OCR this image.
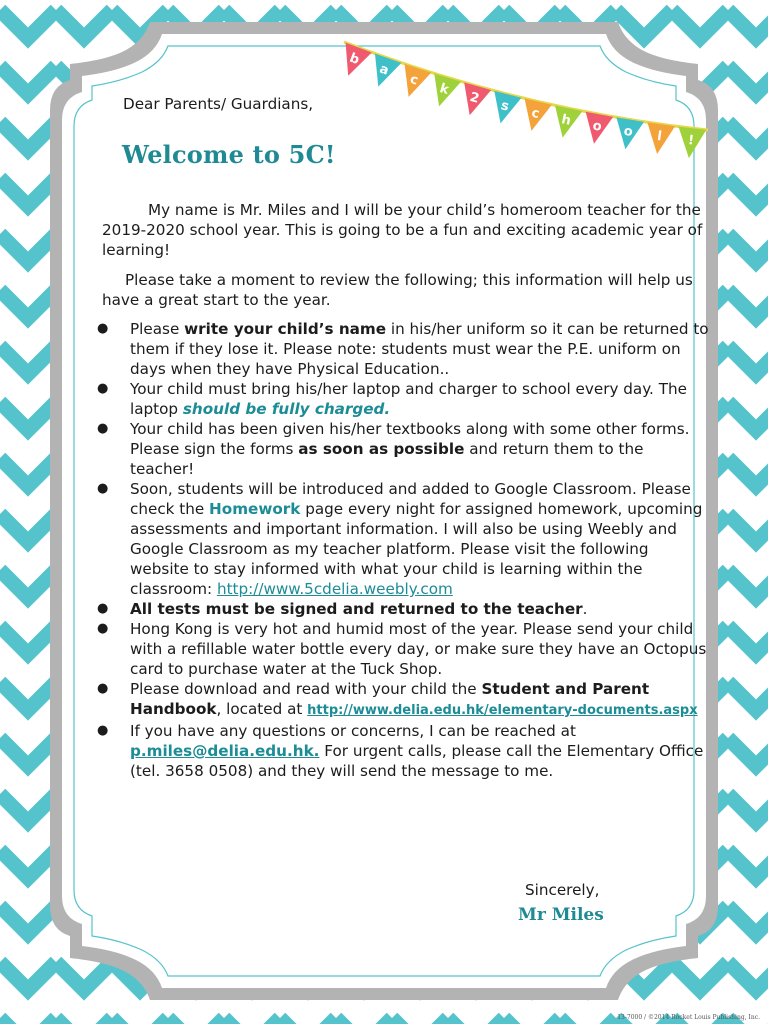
b
a
c
k
2 s c h o o l !
Dear Parents/ Guardians,
Welcome to 5C!
My name is Mr. Miles and I will be your child’s homeroom teacher for the 2019-2020 school year. This is going to be a fun and exciting academic year of learning!
Please take a moment to review the following; this information will help us have a great start to the year.
● Please write your child’s name in his/her uniform so it can be returned to them if they lose it. Please note: students must wear the P.E. uniform on days when they have Physical Education..
● Your child must bring his/her laptop and charger to school every day. The laptop should be fully charged.
● Your child has been given his/her textbooks along with some other forms. Please sign the forms as soon as possible and return them to the teacher!
● Soon, students will be introduced and added to Google Classroom. Please check the Homework page every night for assigned homework, upcoming assessments and important information. I will also be using Weebly and Google Classroom as my teacher platform. Please visit the following website to stay informed with what your child is learning within the classroom: http://www.5cdelia.weebly.com
● All tests must be signed and returned to the teacher.
● Hong Kong is very hot and humid most of the year. Please send your child with a refillable water bottle every day, or make sure they have an Octopus card to purchase water at the Tuck Shop.
● Please download and read with your child the Student and Parent Handbook, located at http://www.delia.edu.hk/elementary-documents.aspx
● If you have any questions or concerns, I can be reached at p.miles@delia.edu.hk. For urgent calls, please call the Elementary Office (tel. 3658 0508) and they will send the message to me.
Sincerely,
Mr Miles
13-7000 / ©2014 Rocket Louis Publishing, Inc.
